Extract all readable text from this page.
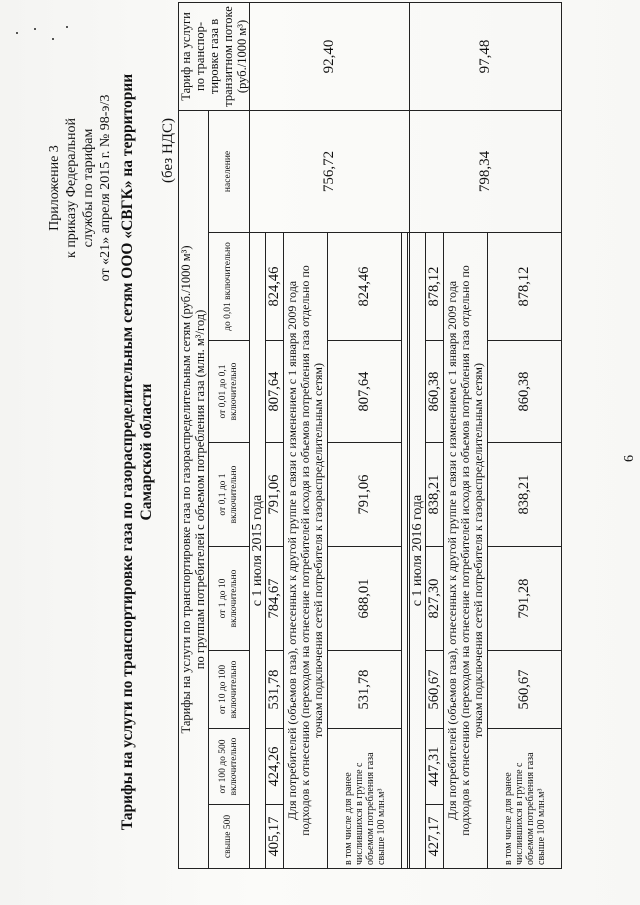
Приложение 3 к приказу Федеральной службы по тарифам от «21» апреля 2015 г. № 98-э/3 Тарифы на услуги по транспортировке газа по газораспределительным сетям ООО «СВГК» на территории Самарской области
(без НДС)
Тарифы на услуги по транспортировке газа по газораспределительным сетям (руб./1000 м³) по группам потребителей с объемом потребления газа (млн. м³/год)								Тариф на услуги по транспор-тировке газа в транзитном потоке (руб./1000 м³)
свыше 500	от 100 до 500 включительно	от 10 до 100 включительно	от 1 до 10 включительно	от 0,1 до 1 включительно	от 0,01 до 0,1 включительно	до 0,01 включительно	население	
с 1 июля 2015 года							756,72	92,40
405,17	424,26	531,78	784,67	791,06	807,64	824,46		

Для потребителей (объемов газа), отнесенных к другой группе в связи с изменением с 1 января 2009 года подходов к отнесению (переходом на отнесение потребителей исходя из объемов потребления газа отдельно по точкам подключения сетей потребителя к газораспределительным сетям)								

в том числе для ранее числившихся в группе с объемом потребления газа свыше 100 млн.м³		531,78	688,01	791,06	807,64	824,46		

с 1 июля 2016 года							798,34	97,48
427,17	447,31	560,67	827,30	838,21	860,38	878,12		

Для потребителей (объемов газа), отнесенных к другой группе в связи с изменением с 1 января 2009 года подходов к отнесению (переходом на отнесение потребителей исходя из объемов потребления газа отдельно по точкам подключения сетей потребителя к газораспределительным сетям)								

в том числе для ранее числившихся в группе с объемом потребления газа свыше 100 млн.м³		560,67	791,28	838,21	860,38	878,12		
6
